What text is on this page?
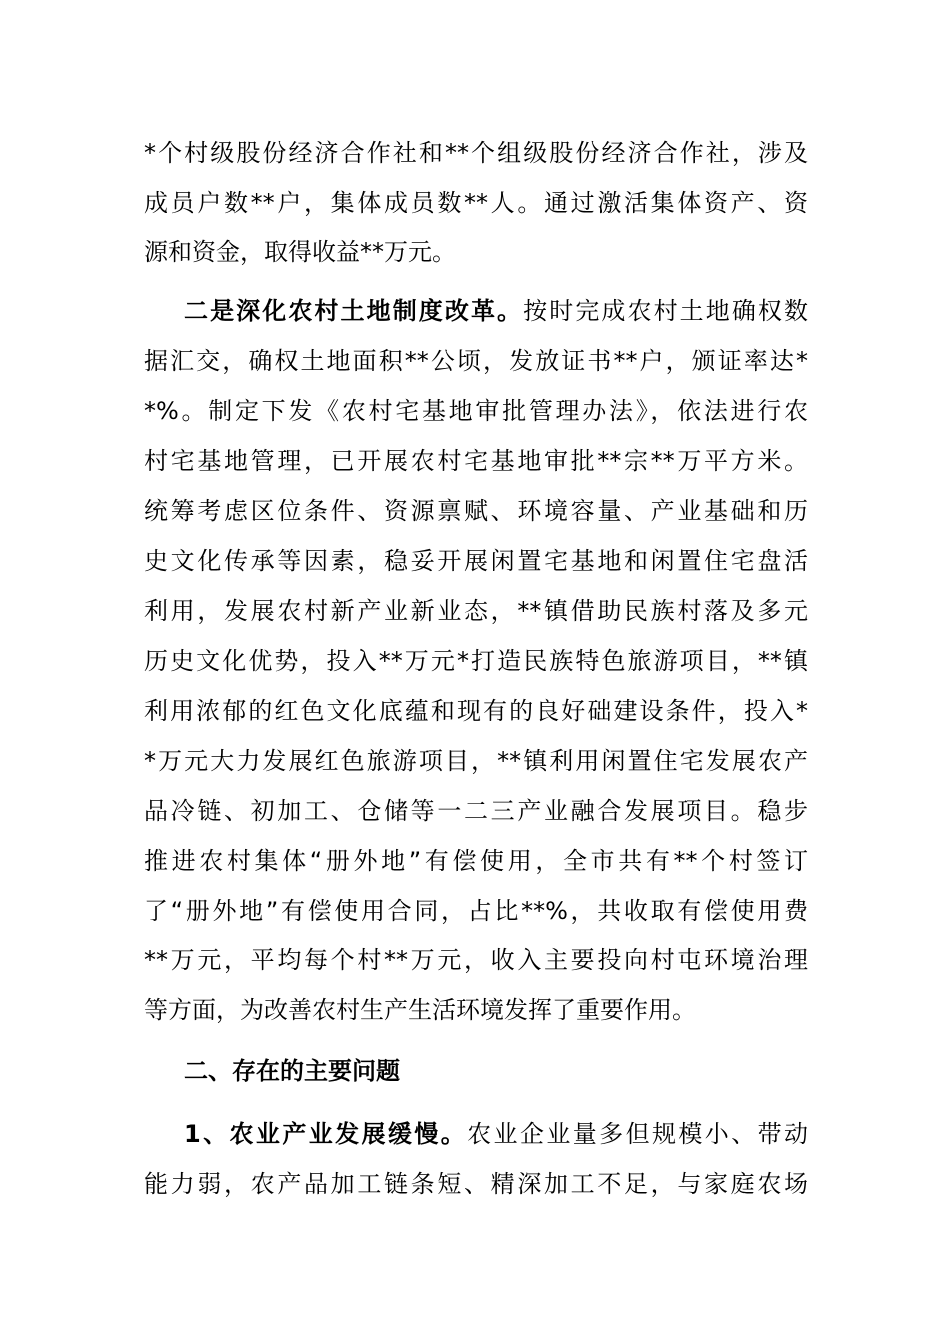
*个村级股份经济合作社和**个组级股份经济合作社，涉及
成员户数**户，集体成员数**人。通过激活集体资产、资
源和资金，取得收益**万元。
二是深化农村土地制度改革。按时完成农村土地确权数
据汇交，确权土地面积**公顷，发放证书**户，颁证率达*
*%。制定下发《农村宅基地审批管理办法》，依法进行农
村宅基地管理，已开展农村宅基地审批**宗**万平方米。
统筹考虑区位条件、资源禀赋、环境容量、产业基础和历
史文化传承等因素，稳妥开展闲置宅基地和闲置住宅盘活
利用，发展农村新产业新业态，**镇借助民族村落及多元
历史文化优势，投入**万元*打造民族特色旅游项目，**镇
利用浓郁的红色文化底蕴和现有的良好础建设条件，投入*
*万元大力发展红色旅游项目，**镇利用闲置住宅发展农产
品冷链、初加工、仓储等一二三产业融合发展项目。稳步
推进农村集体“册外地”有偿使用，全市共有**个村签订
了“册外地”有偿使用合同，占比**%，共收取有偿使用费
**万元，平均每个村**万元，收入主要投向村屯环境治理
等方面，为改善农村生产生活环境发挥了重要作用。
二、存在的主要问题
1、农业产业发展缓慢。农业企业量多但规模小、带动
能力弱，农产品加工链条短、精深加工不足，与家庭农场
